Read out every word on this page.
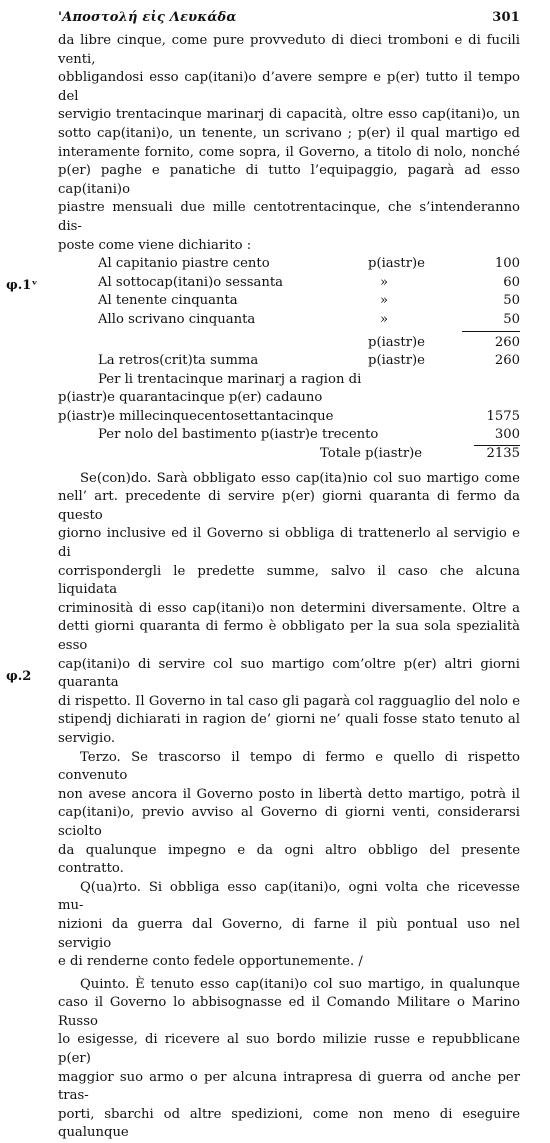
'Αποστολή εἰς Λευκάδα	301
φ.1ᵛ
φ.2

da libre cinque, come pure provveduto di dieci tromboni e di fucili venti,

obbligandosi esso cap(itani)o d’avere sempre e p(er) tutto il tempo del

servigio trentacinque marinarj di capacità, oltre esso cap(itani)o, un

sotto cap(itani)o, un tenente, un scrivano ; p(er) il qual martigo ed

interamente fornito, come sopra, il Governo, a titolo di nolo, nonché

p(er) paghe e panatiche di tutto l’equipaggio, pagarà ad esso cap(itani)o

piastre mensuali due mille centotrentacinque, che s’intenderanno dis-

poste come viene dichiarito :

Al capitanio piastre cento	p(iastr)e	100
Al sottocap(itani)o sessanta	»	60
Al tenente cinquanta	»	50
Allo scrivano cinquanta	»	50
p(iastr)e	260
La retros(crit)ta summa	p(iastr)e	260
Per li trentacinque marinarj a ragion di
p(iastr)e quarantacinque p(er) cadauno
p(iastr)e millecinquecentosettantacinque	1575
Per nolo del bastimento p(iastr)e trecento	300
Totale p(iastr)e	2135

Se(con)do. Sarà obbligato esso cap(ita)nio col suo martigo come

nell’ art. precedente di servire p(er) giorni quaranta di fermo da questo

giorno inclusive ed il Governo si obbliga di trattenerlo al servigio e di

corrispondergli le predette summe, salvo il caso che alcuna liquidata

criminosità di esso cap(itani)o non determini diversamente. Oltre a

detti giorni quaranta di fermo è obbligato per la sua sola spezialità esso

cap(itani)o di servire col suo martigo com’oltre p(er) altri giorni quaranta

di rispetto. Il Governo in tal caso gli pagarà col ragguaglio del nolo e

stipendj dichiarati in ragion de’ giorni ne’ quali fosse stato tenuto al

servigio.

Terzo. Se trascorso il tempo di fermo e quello di rispetto convenuto

non avese ancora il Governo posto in libertà detto martigo, potrà il

cap(itani)o, previo avviso al Governo di giorni venti, considerarsi sciolto

da qualunque impegno e da ogni altro obbligo del presente contratto.

Q(ua)rto. Si obbliga esso cap(itani)o, ogni volta che ricevesse mu-

nizioni da guerra dal Governo, di farne il più pontual uso nel servigio

e di renderne conto fedele opportunemente. /

Quinto. È tenuto esso cap(itani)o col suo martigo, in qualunque

caso il Governo lo abbisognasse ed il Comando Militare o Marino Russo

lo esigesse, di ricevere al suo bordo milizie russe e repubblicane p(er)

maggior suo armo o per alcuna intrapresa di guerra od anche per tras-

porti, sbarchi od altre spedizioni, come non meno di eseguire qualunque
